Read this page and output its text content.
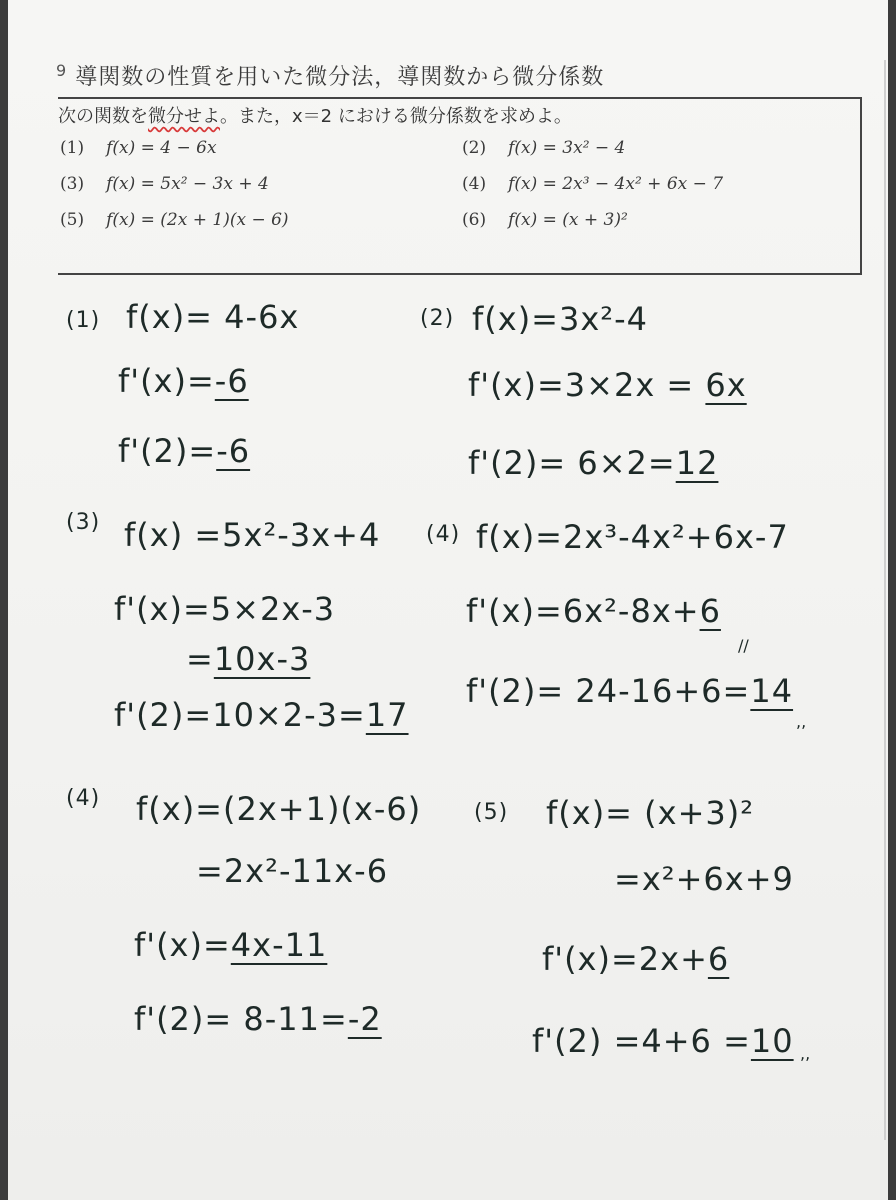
$^9$ 導関数の性質を用いた微分法，導関数から微分係数
次の関数を微分せよ。また，x＝2 における微分係数を求めよ。
(1) f(x) = 4 − 6x	(2) f(x) = 3x² − 4
(3) f(x) = 5x² − 3x + 4	(4) f(x) = 2x³ − 4x² + 6x − 7
(5) f(x) = (2x + 1)(x − 6)	(6) f(x) = (x + 3)²
(1) f(x)= 4-6x
f'(x)=-6
f'(2)=-6
(2) f(x)=3x²-4
f'(x)=3×2x = 6x
f'(2)= 6×2=12
(3) f(x) =5x²-3x+4
f'(x)=5×2x-3
=10x-3
f'(2)=10×2-3=17
(4) f(x)=2x³-4x²+6x-7
f'(x)=6x²-8x+6
//
f'(2)= 24-16+6=14
,,
(4) f(x)=(2x+1)(x-6)
=2x²-11x-6
f'(x)=4x-11
f'(2)= 8-11=-2
(5) f(x)= (x+3)²
=x²+6x+9
f'(x)=2x+6
f'(2) =4+6 =10 ,,
